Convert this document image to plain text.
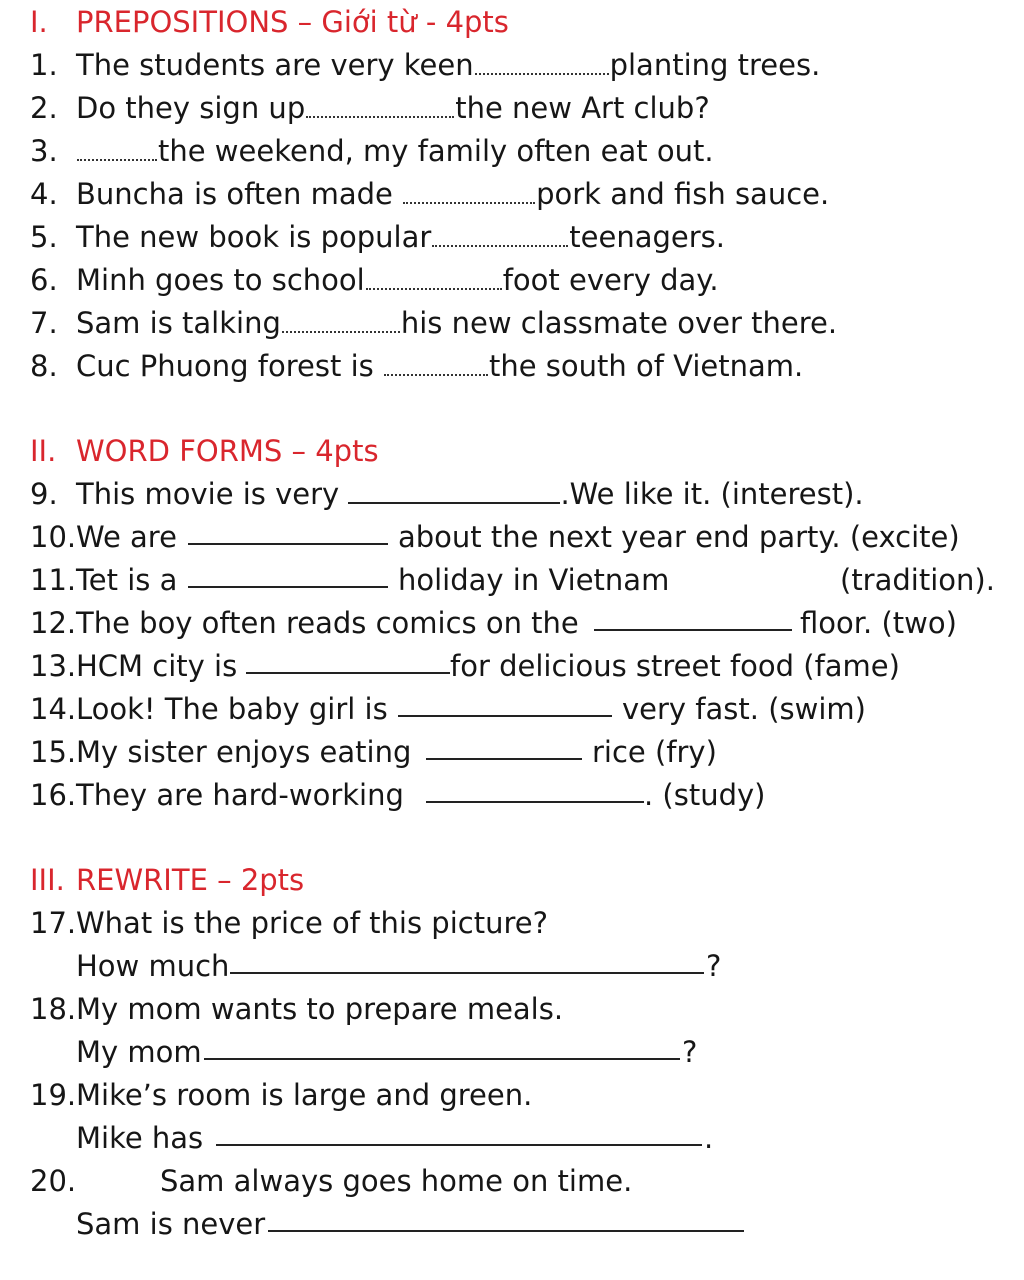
I. PREPOSITIONS – Giới từ - 4pts
1. The students are very keen	planting trees.
2. Do they sign up	the new Art club?
3.	the weekend, my family often eat out.
4. Buncha is often made	pork and fish sauce.
5. The new book is popular	teenagers.
6. Minh goes to school	foot every day.
7. Sam is talking	his new classmate over there.
8. Cuc Phuong forest is	the south of Vietnam.
II. WORD FORMS – 4pts
9. This movie is very	.We like it. (interest).
10. We are	about the next year end party. (excite)
11. Tet is a	holiday in Vietnam	(tradition).
12. The boy often reads comics on the	floor. (two)
13. HCM city is	for delicious street food (fame)
14. Look! The baby girl is	very fast. (swim)
15. My sister enjoys eating	rice (fry)
16. They are hard-working	. (study)
III. REWRITE – 2pts
17. What is the price of this picture?
How much	?
18. My mom wants to prepare meals.
My mom	?
19. Mike’s room is large and green.
Mike has	.
20.	Sam always goes home on time.
Sam is never
